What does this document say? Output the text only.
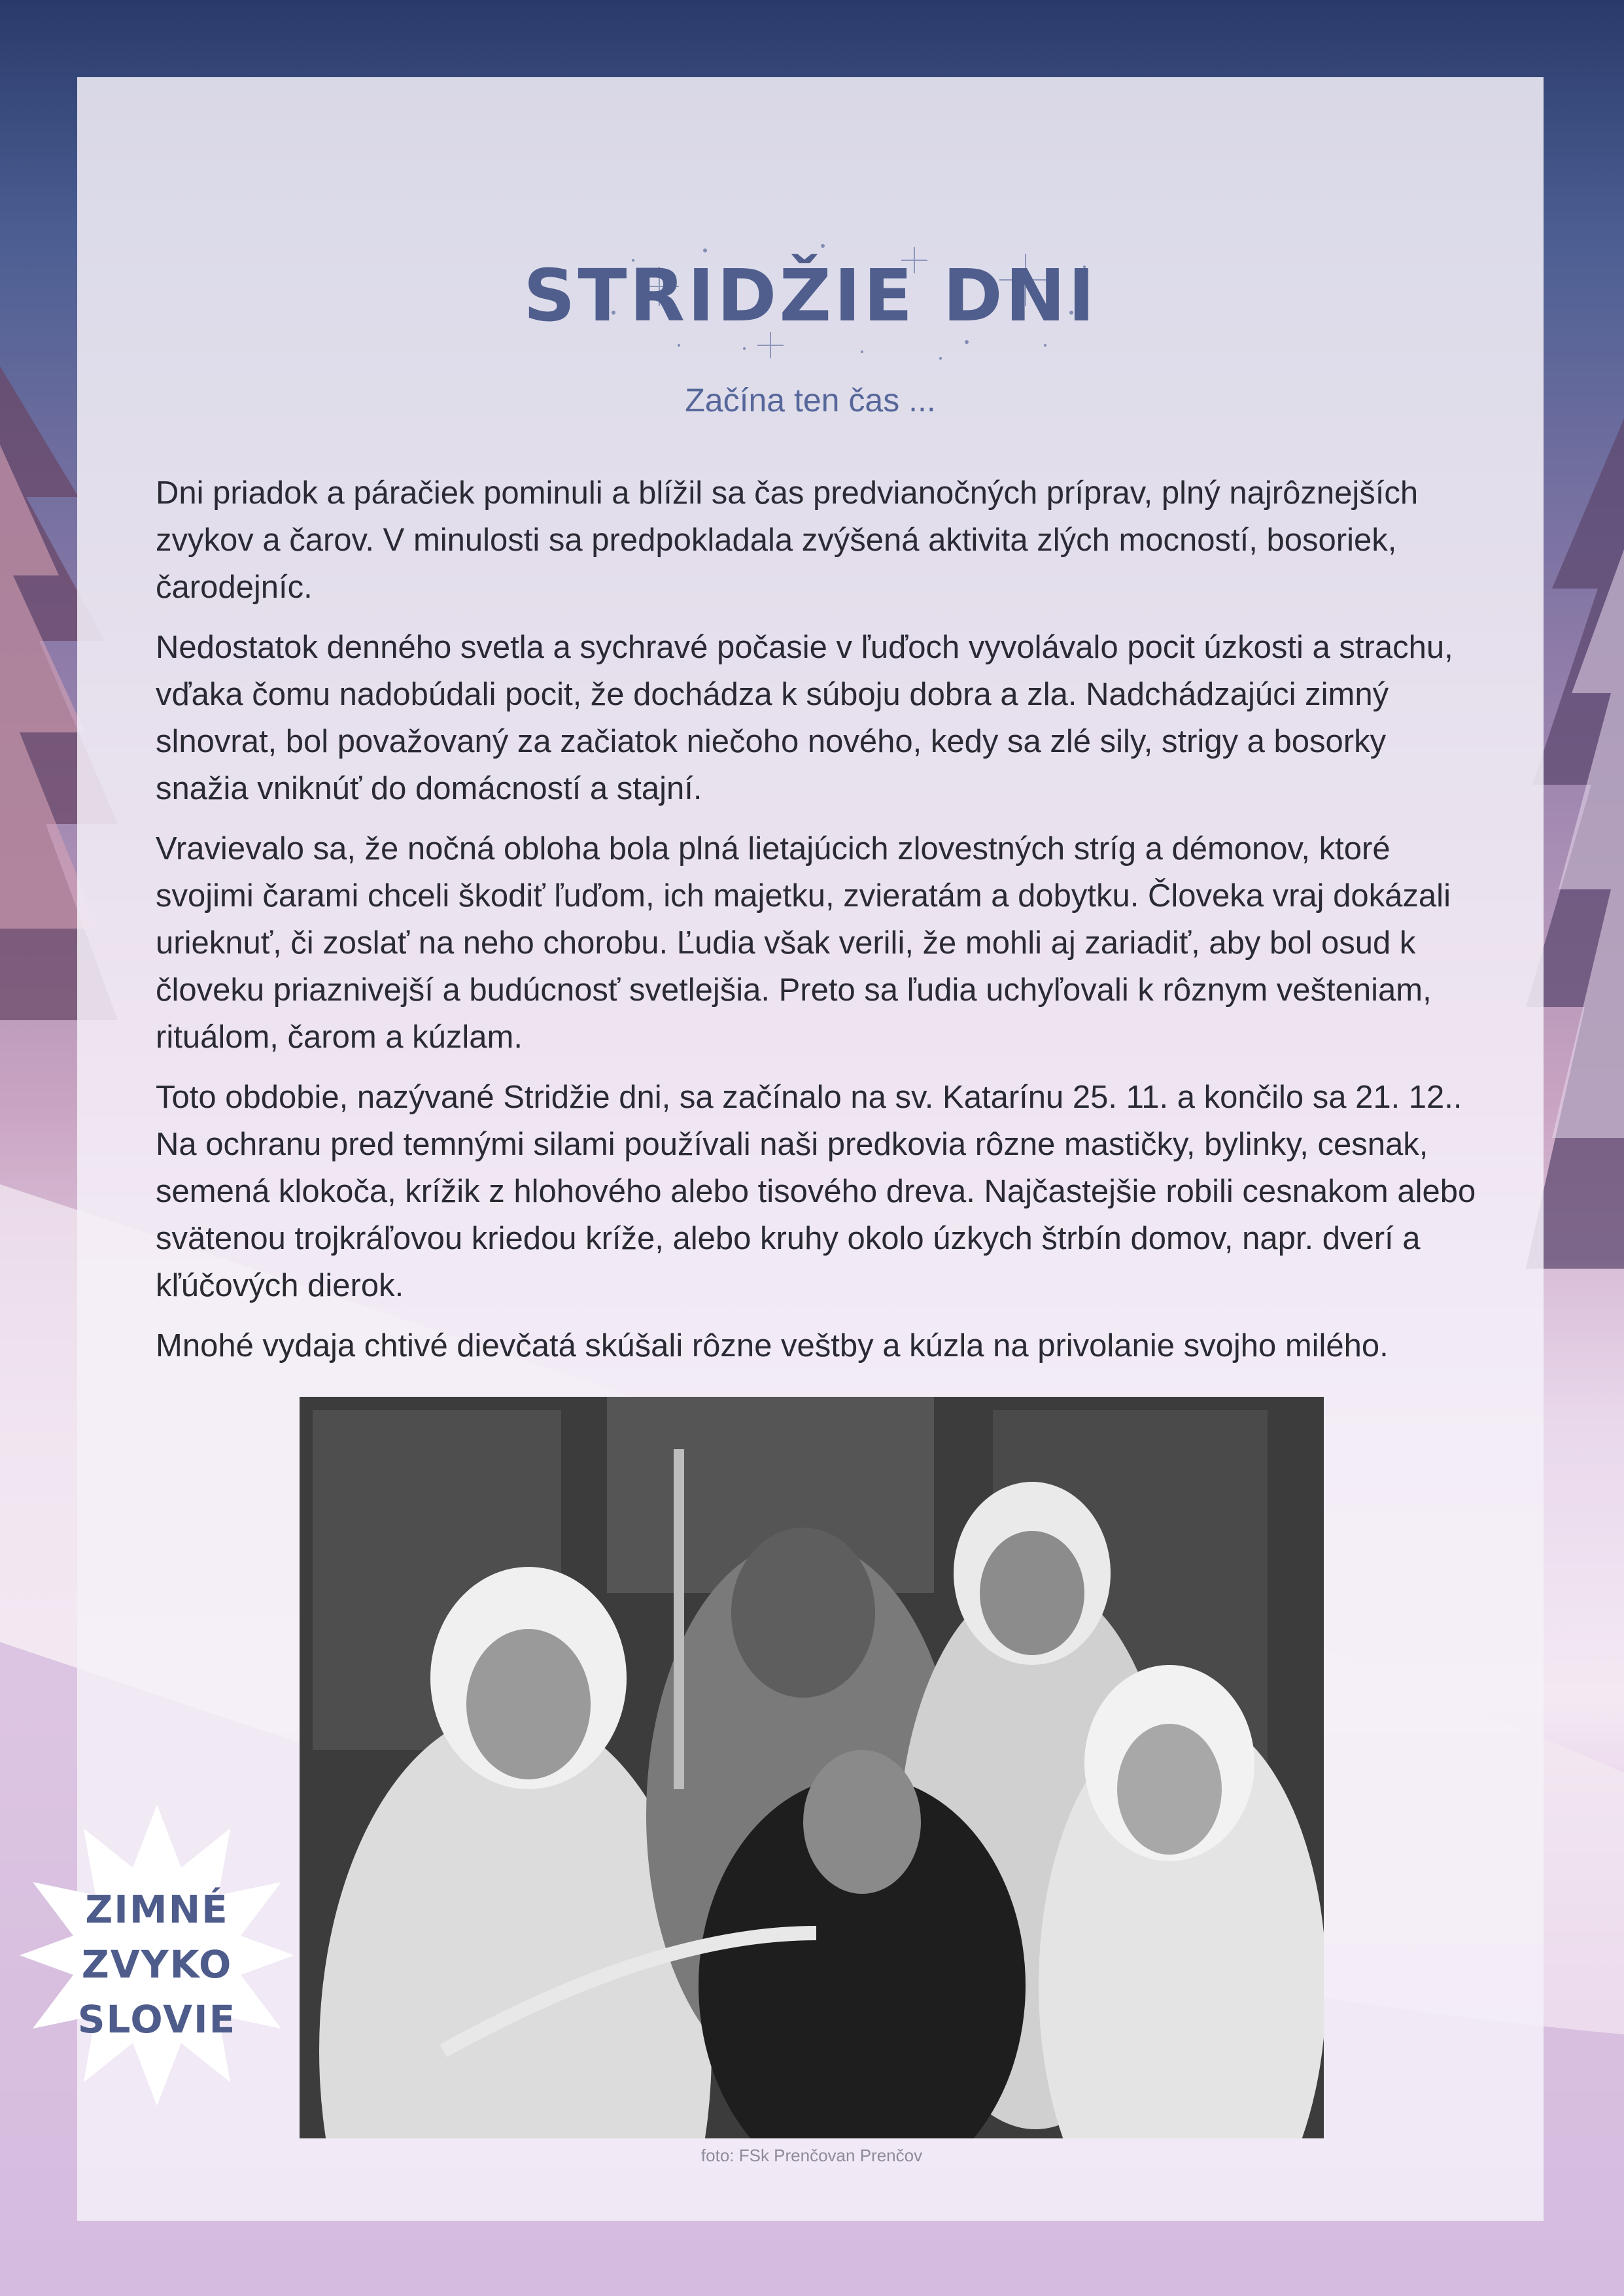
STRIDŽIE DNI
Začína ten čas ...

Dni priadok a páračiek pominuli a blížil sa čas predvianočných príprav, plný najrôznejších zvykov a čarov. V minulosti sa predpokladala zvýšená aktivita zlých mocností, bosoriek, čarodejníc.

Nedostatok denného svetla a sychravé počasie v ľuďoch vyvolávalo pocit úzkosti a strachu, vďaka čomu nadobúdali pocit, že dochádza k súboju dobra a zla. Nadchádzajúci zimný slnovrat, bol považovaný za začiatok niečoho nového, kedy sa zlé sily, strigy a bosorky snažia vniknúť do domácností a stajní.

Vravievalo sa, že nočná obloha bola plná lietajúcich zlovestných stríg a démonov, ktoré svojimi čarami chceli škodiť ľuďom, ich majetku, zvieratám a dobytku. Človeka vraj dokázali urieknuť, či zoslať na neho chorobu. Ľudia však verili, že mohli aj zariadiť, aby bol osud k človeku priaznivejší a budúcnosť svetlejšia. Preto sa ľudia uchyľovali k rôznym vešteniam, rituálom, čarom a kúzlam.

Toto obdobie, nazývané Stridžie dni, sa začínalo na sv. Katarínu 25. 11. a končilo sa 21. 12.. Na ochranu pred temnými silami používali naši predkovia rôzne mastičky, bylinky, cesnak, semená klokoča, krížik z hlohového alebo tisového dreva. Najčastejšie robili cesnakom alebo svätenou trojkráľovou kriedou kríže, alebo kruhy okolo úzkych štrbín domov, napr. dverí a kľúčových dierok.

Mnohé vydaja chtivé dievčatá skúšali rôzne veštby a kúzla na privolanie svojho milého.

foto: FSk Prenčovan Prenčov
ZIMNÉ
ZVYKO
SLOVIE
